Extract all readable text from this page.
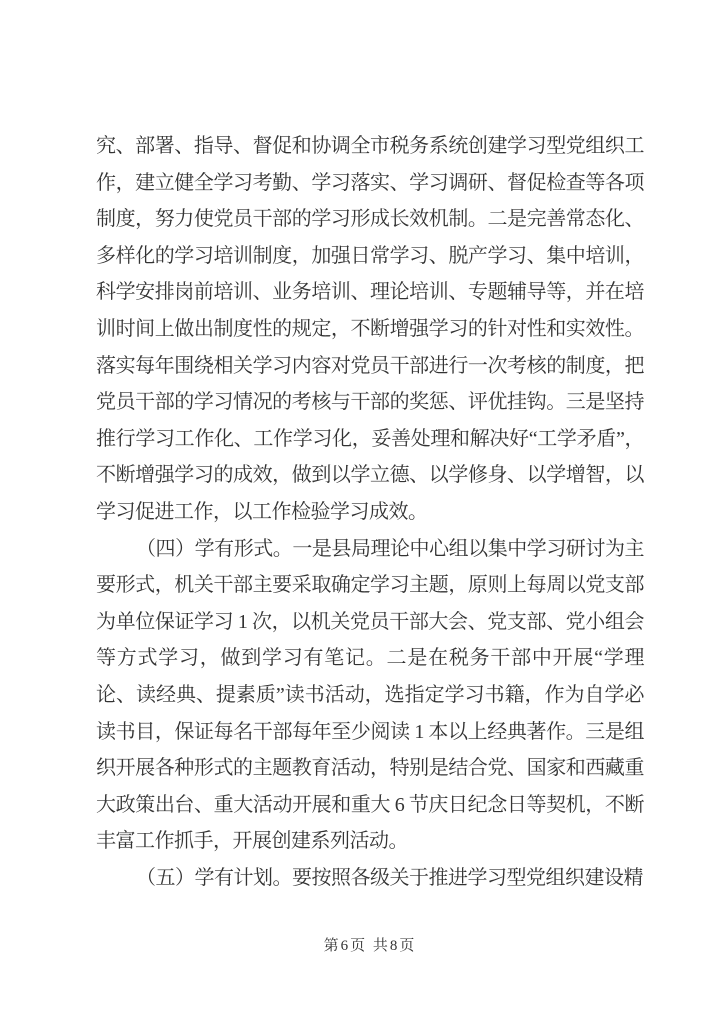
究、部署、指导、督促和协调全市税务系统创建学习型党组织工作，建立健全学习考勤、学习落实、学习调研、督促检查等各项制度，努力使党员干部的学习形成长效机制。二是完善常态化、多样化的学习培训制度，加强日常学习、脱产学习、集中培训，科学安排岗前培训、业务培训、理论培训、专题辅导等，并在培训时间上做出制度性的规定，不断增强学习的针对性和实效性。落实每年围绕相关学习内容对党员干部进行一次考核的制度，把党员干部的学习情况的考核与干部的奖惩、评优挂钩。三是坚持推行学习工作化、工作学习化，妥善处理和解决好“工学矛盾”，不断增强学习的成效，做到以学立德、以学修身、以学增智，以学习促进工作，以工作检验学习成效。

（四）学有形式。一是县局理论中心组以集中学习研讨为主要形式，机关干部主要采取确定学习主题，原则上每周以党支部为单位保证学习 1 次，以机关党员干部大会、党支部、党小组会等方式学习，做到学习有笔记。二是在税务干部中开展“学理论、读经典、提素质”读书活动，选指定学习书籍，作为自学必读书目，保证每名干部每年至少阅读 1 本以上经典著作。三是组织开展各种形式的主题教育活动，特别是结合党、国家和西藏重大政策出台、重大活动开展和重大 6 节庆日纪念日等契机，不断丰富工作抓手，开展创建系列活动。

（五）学有计划。要按照各级关于推进学习型党组织建设精

第6页 共8页
